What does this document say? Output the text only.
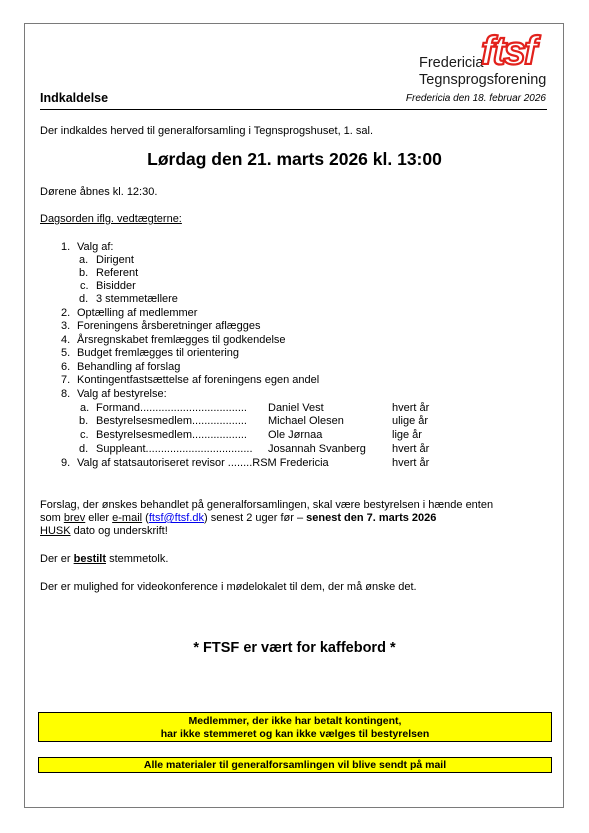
Fredericia
Tegnsprogsforening
ftsf
Indkaldelse	Fredericia den 18. februar 2026
Der indkaldes herved til generalforsamling i Tegnsprogshuset, 1. sal.
Lørdag den 21. marts 2026 kl. 13:00
Dørene åbnes kl. 12:30.
Dagsorden iflg. vedtægterne:
1. Valg af:
a. Dirigent
b. Referent
c. Bisidder
d. 3 stemmetællere
2. Optælling af medlemmer
3. Foreningens årsberetninger aflægges
4. Årsregnskabet fremlægges til godkendelse
5. Budget fremlægges til orientering
6. Behandling af forslag
7. Kontingentfastsættelse af foreningens egen andel
8. Valg af bestyrelse:
a. Formand................................... Daniel Vest	hvert år
b. Bestyrelsesmedlem.................. Michael Olesen	ulige år
c. Bestyrelsesmedlem.................. Ole Jørnaa	lige år
d. Suppleant................................... Josannah Svanberg hvert år
9. Valg af statsautoriseret revisor ........RSM Fredericia	hvert år
Forslag, der ønskes behandlet på generalforsamlingen, skal være bestyrelsen i hænde enten
som brev eller e-mail (ftsf@ftsf.dk) senest 2 uger før – senest den 7. marts 2026
HUSK dato og underskrift!
Der er bestilt stemmetolk.
Der er mulighed for videokonference i mødelokalet til dem, der må ønske det.
* FTSF er vært for kaffebord *
Medlemmer, der ikke har betalt kontingent,
har ikke stemmeret og kan ikke vælges til bestyrelsen
Alle materialer til generalforsamlingen vil blive sendt på mail
